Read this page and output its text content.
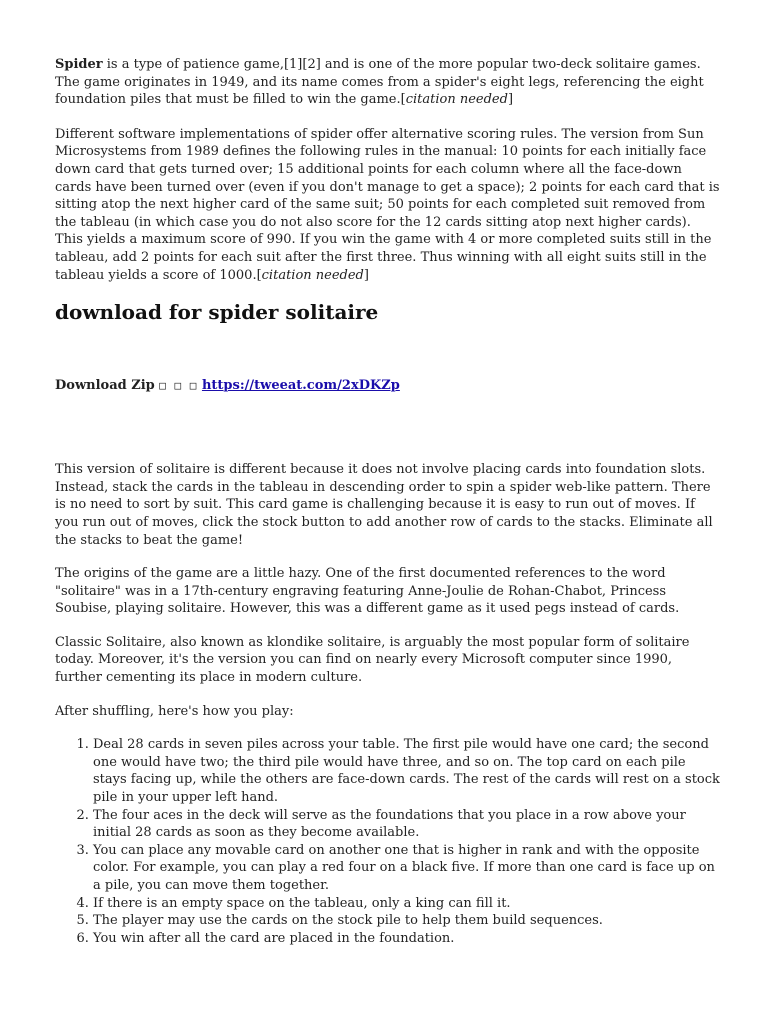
Spider is a type of patience game,[1][2] and is one of the more popular two-deck solitaire games. The game originates in 1949, and its name comes from a spider's eight legs, referencing the eight foundation piles that must be filled to win the game.[citation needed]

Different software implementations of spider offer alternative scoring rules. The version from Sun Microsystems from 1989 defines the following rules in the manual: 10 points for each initially face down card that gets turned over; 15 additional points for each column where all the face-down cards have been turned over (even if you don't manage to get a space); 2 points for each card that is sitting atop the next higher card of the same suit; 50 points for each completed suit removed from the tableau (in which case you do not also score for the 12 cards sitting atop next higher cards). This yields a maximum score of 990. If you win the game with 4 or more completed suits still in the tableau, add 2 points for each suit after the first three. Thus winning with all eight suits still in the tableau yields a score of 1000.[citation needed]

download for spider solitaire
Download Zip □ □ □ https://tweeat.com/2xDKZp

This version of solitaire is different because it does not involve placing cards into foundation slots. Instead, stack the cards in the tableau in descending order to spin a spider web-like pattern. There is no need to sort by suit. This card game is challenging because it is easy to run out of moves. If you run out of moves, click the stock button to add another row of cards to the stacks. Eliminate all the stacks to beat the game!

The origins of the game are a little hazy. One of the first documented references to the word "solitaire" was in a 17th-century engraving featuring Anne-Joulie de Rohan-Chabot, Princess Soubise, playing solitaire. However, this was a different game as it used pegs instead of cards.

Classic Solitaire, also known as klondike solitaire, is arguably the most popular form of solitaire today. Moreover, it's the version you can find on nearly every Microsoft computer since 1990, further cementing its place in modern culture.

After shuffling, here's how you play:

1. Deal 28 cards in seven piles across your table. The first pile would have one card; the second one would have two; the third pile would have three, and so on. The top card on each pile stays facing up, while the others are face-down cards. The rest of the cards will rest on a stock pile in your upper left hand.
2. The four aces in the deck will serve as the foundations that you place in a row above your initial 28 cards as soon as they become available.
3. You can place any movable card on another one that is higher in rank and with the opposite color. For example, you can play a red four on a black five. If more than one card is face up on a pile, you can move them together.
4. If there is an empty space on the tableau, only a king can fill it.
5. The player may use the cards on the stock pile to help them build sequences.
6. You win after all the card are placed in the foundation.
